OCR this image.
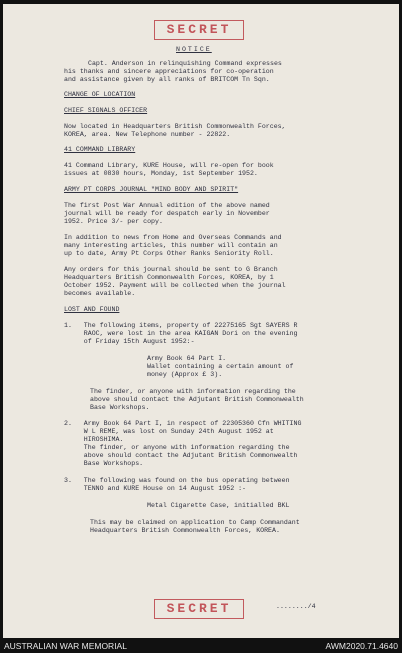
SECRET
NOTICE
Capt. Anderson in relinquishing Command expresses
his thanks and sincere appreciations for co-operation
and assistance given by all ranks of BRITCOM Tn Sqn.
CHANGE OF LOCATION
CHIEF SIGNALS OFFICER
Now located in Headquarters British Commonwealth Forces,
KOREA, area. New Telephone number - 22822.
41 COMMAND LIBRARY
41 Command Library, KURE House, will re-open for book
issues at 0830 hours, Monday, 1st September 1952.
ARMY PT CORPS JOURNAL "MIND BODY AND SPIRIT"
The first Post War Annual edition of the above named
journal will be ready for despatch early in November
1952. Price 3/- per copy.
In addition to news from Home and Overseas Commands and
many interesting articles, this number will contain an
up to date, Army Pt Corps Other Ranks Seniority Roll.
Any orders for this journal should be sent to G Branch
Headquarters British Commonwealth Forces, KOREA, by 1
October 1952. Payment will be collected when the journal
becomes available.
LOST AND FOUND
1.   The following items, property of 22275165 Sgt SAYERS R
RAOC, were lost in the area KAIGAN Dori on the evening
of Friday 15th August 1952:-
Army Book 64 Part I.
Wallet containing a certain amount of
money (Approx £ 3).
The finder, or anyone with information regarding the
above should contact the Adjutant British Commonwealth
Base Workshops.
2.   Army Book 64 Part I, in respect of 22305360 Cfn WHITING
W L REME, was lost on Sunday 24th August 1952 at
HIROSHIMA.
The finder, or anyone with information regarding the
above should contact the Adjutant British Commonwealth
Base Workshops.
3.   The following was found on the bus operating between
TENNO and KURE House on 14 August 1952 :-
Metal Cigarette Case, initialled BKL
This may be claimed on application to Camp Commandant
Headquarters British Commonwealth Forces, KOREA.
SECRET	......../4
AUSTRALIAN WAR MEMORIAL	AWM2020.71.4640
